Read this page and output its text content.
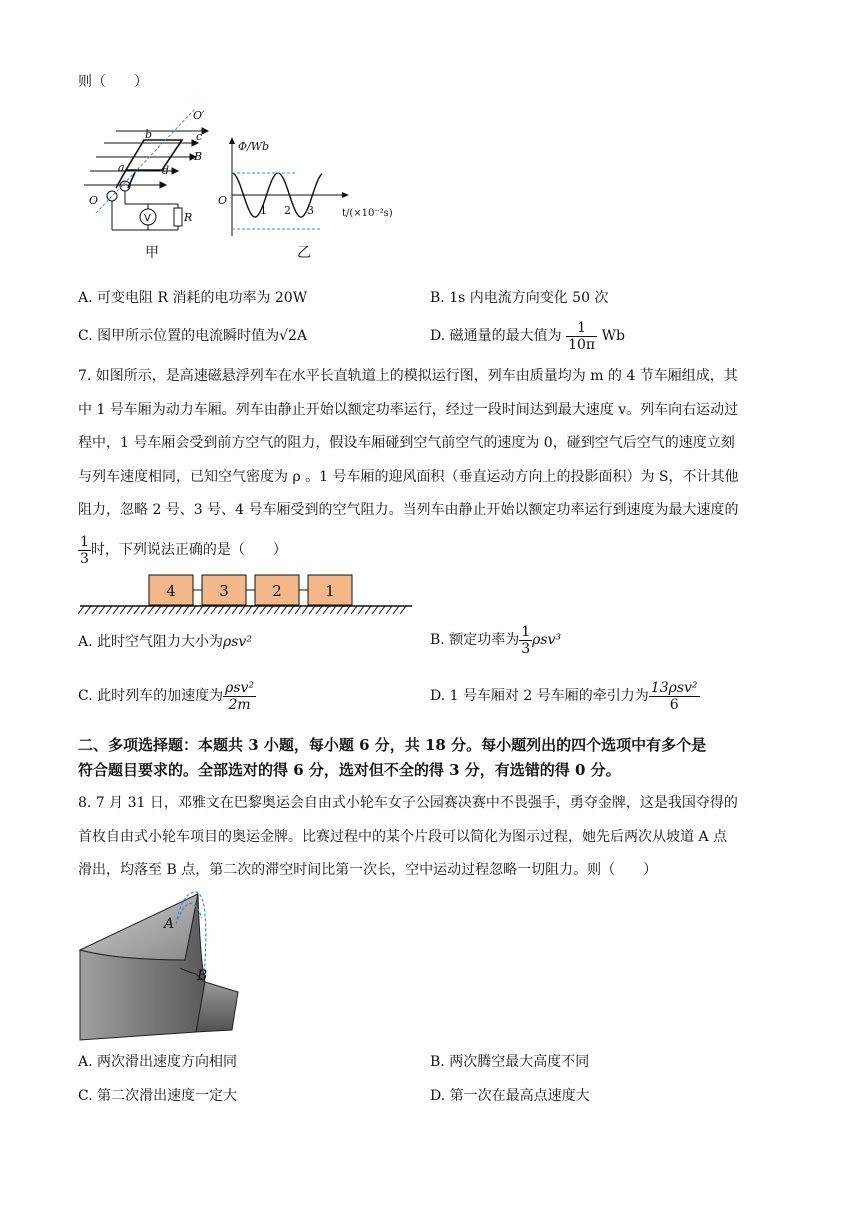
则（　　）
O′
b	c
B
a	d
O
R
V
甲
Φ/Wb
O
1 2 3	t/(×10⁻²s)
乙
A. 可变电阻 R 消耗的电功率为 20W	B. 1s 内电流方向变化 50 次
C. 图甲所示位置的电流瞬时值为√2A	D. 磁通量的最大值为 $\frac{1}{10\pi}$ Wb
7. 如图所示，是高速磁悬浮列车在水平长直轨道上的模拟运行图，列车由质量均为 m 的 4 节车厢组成，其
中 1 号车厢为动力车厢。列车由静止开始以额定功率运行，经过一段时间达到最大速度 v。列车向右运动过
程中，1 号车厢会受到前方空气的阻力，假设车厢碰到空气前空气的速度为 0，碰到空气后空气的速度立刻
与列车速度相同，已知空气密度为 ρ 。1 号车厢的迎风面积（垂直运动方向上的投影面积）为 S，不计其他
阻力，忽略 2 号、3 号、4 号车厢受到的空气阻力。当列车由静止开始以额定功率运行到速度为最大速度的
$\frac{1}{3}$ 时，下列说法正确的是（　　）
4	3	2	1
A. 此时空气阻力大小为ρsv²	B. 额定功率为 $\frac{1}{3} \rho sv^3$
C. 此时列车的加速度为 $\frac{\text{ρsv²}}{2m}$	D. 1 号车厢对 2 号车厢的牵引力为 $\frac{\text{13ρsv²}}{6}$
二、多项选择题：本题共 3 小题，每小题 6 分，共 18 分。每小题列出的四个选项中有多个是
符合题目要求的。全部选对的得 6 分，选对但不全的得 3 分，有选错的得 0 分。
8. 7 月 31 日，邓雅文在巴黎奥运会自由式小轮车女子公园赛决赛中不畏强手，勇夺金牌，这是我国夺得的
首枚自由式小轮车项目的奥运金牌。比赛过程中的某个片段可以简化为图示过程，她先后两次从坡道 A 点
滑出，均落至 B 点，第二次的滞空时间比第一次长，空中运动过程忽略一切阻力。则（　　）
A
B
A. 两次滑出速度方向相同	B. 两次腾空最大高度不同
C. 第二次滑出速度一定大	D. 第一次在最高点速度大
